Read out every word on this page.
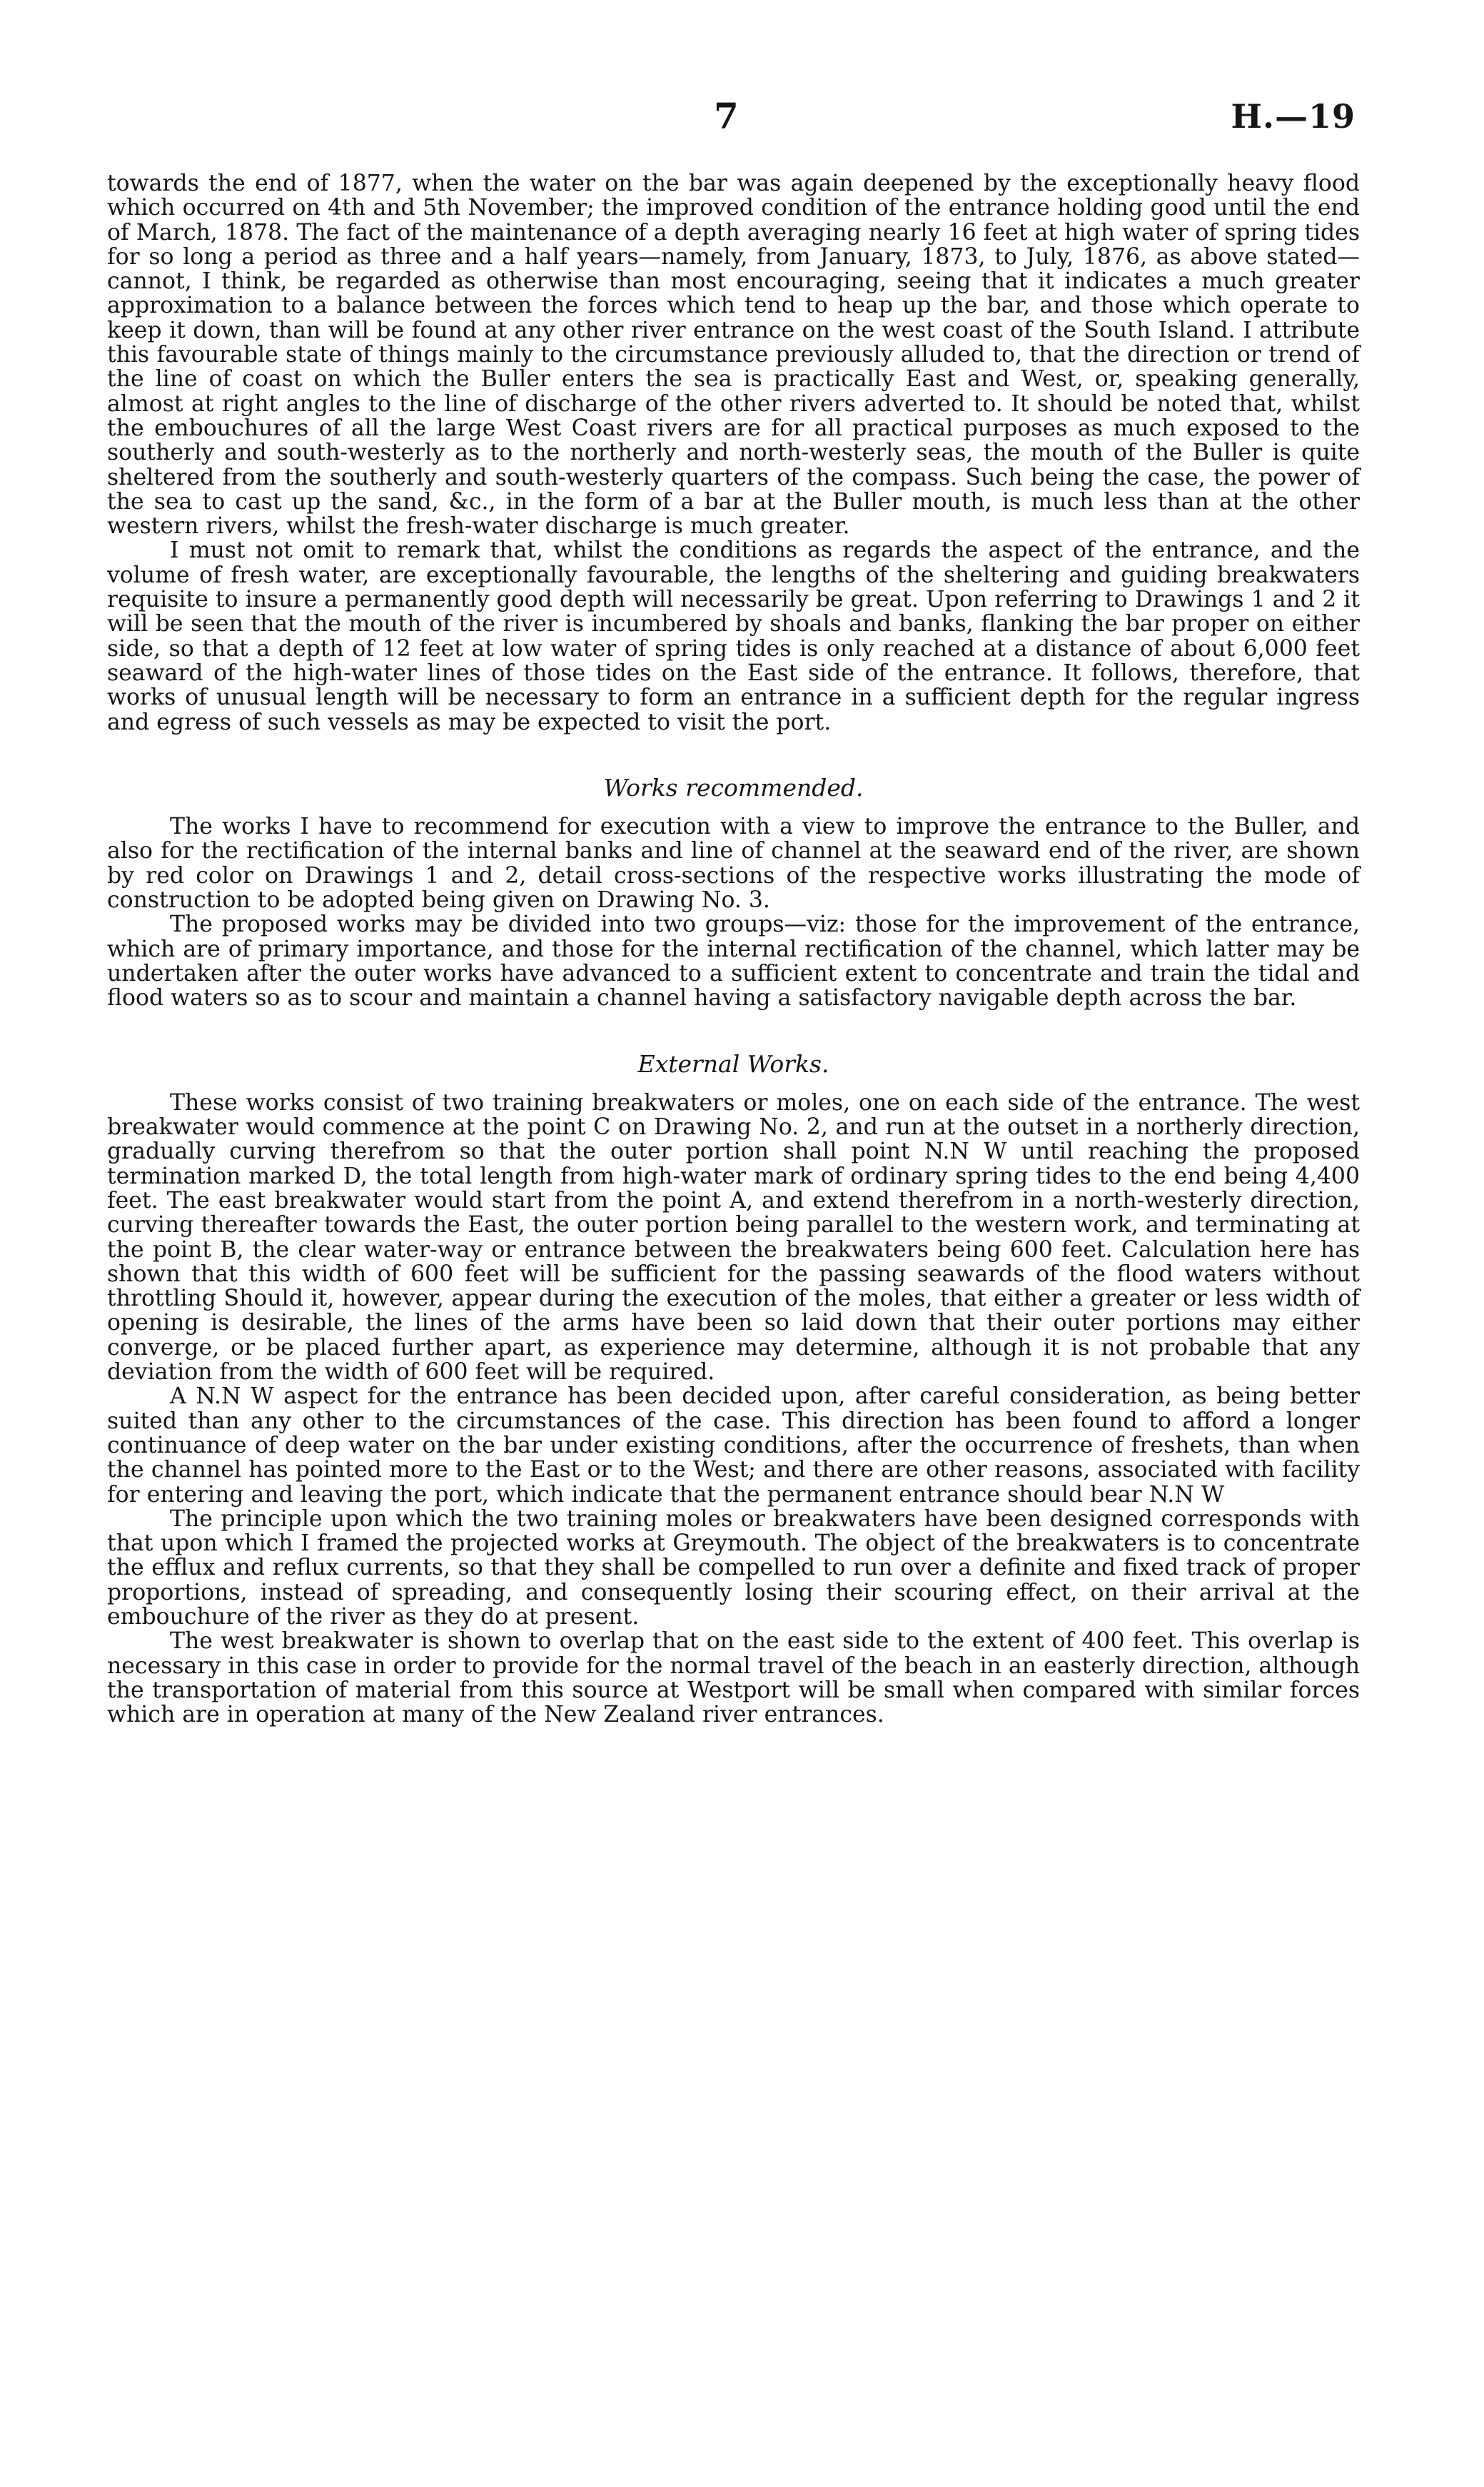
7	H.—19

towards the end of 1877, when the water on the bar was again deepened by the exceptionally heavy flood which occurred on 4th and 5th November; the improved condition of the entrance holding good until the end of March, 1878. The fact of the maintenance of a depth averaging nearly 16 feet at high water of spring tides for so long a period as three and a half years—namely, from January, 1873, to July, 1876, as above stated—cannot, I think, be regarded as otherwise than most encouraging, seeing that it indicates a much greater approximation to a balance between the forces which tend to heap up the bar, and those which operate to keep it down, than will be found at any other river entrance on the west coast of the South Island. I attribute this favourable state of things mainly to the circumstance previously alluded to, that the direction or trend of the line of coast on which the Buller enters the sea is practically East and West, or, speaking generally, almost at right angles to the line of discharge of the other rivers adverted to. It should be noted that, whilst the embouchures of all the large West Coast rivers are for all practical purposes as much exposed to the southerly and south-westerly as to the northerly and north-westerly seas, the mouth of the Buller is quite sheltered from the southerly and south-westerly quarters of the compass. Such being the case, the power of the sea to cast up the sand, &c., in the form of a bar at the Buller mouth, is much less than at the other western rivers, whilst the fresh-water discharge is much greater.

I must not omit to remark that, whilst the conditions as regards the aspect of the entrance, and the volume of fresh water, are exceptionally favourable, the lengths of the sheltering and guiding breakwaters requisite to insure a permanently good depth will necessarily be great. Upon referring to Drawings 1 and 2 it will be seen that the mouth of the river is incumbered by shoals and banks, flanking the bar proper on either side, so that a depth of 12 feet at low water of spring tides is only reached at a distance of about 6,000 feet seaward of the high-water lines of those tides on the East side of the entrance. It follows, therefore, that works of unusual length will be necessary to form an entrance in a sufficient depth for the regular ingress and egress of such vessels as may be expected to visit the port.

Works recommended.

The works I have to recommend for execution with a view to improve the entrance to the Buller, and also for the rectification of the internal banks and line of channel at the seaward end of the river, are shown by red color on Drawings 1 and 2, detail cross-sections of the respective works illustrating the mode of construction to be adopted being given on Drawing No. 3.

The proposed works may be divided into two groups—viz: those for the improvement of the entrance, which are of primary importance, and those for the internal rectification of the channel, which latter may be undertaken after the outer works have advanced to a sufficient extent to concentrate and train the tidal and flood waters so as to scour and maintain a channel having a satisfactory navigable depth across the bar.

External Works.

These works consist of two training breakwaters or moles, one on each side of the entrance. The west breakwater would commence at the point C on Drawing No. 2, and run at the outset in a northerly direction, gradually curving therefrom so that the outer portion shall point N.N W until reaching the proposed termination marked D, the total length from high-water mark of ordinary spring tides to the end being 4,400 feet. The east breakwater would start from the point A, and extend therefrom in a north-westerly direction, curving thereafter towards the East, the outer portion being parallel to the western work, and terminating at the point B, the clear water-way or entrance between the breakwaters being 600 feet. Calculation here has shown that this width of 600 feet will be sufficient for the passing seawards of the flood waters without throttling Should it, however, appear during the execution of the moles, that either a greater or less width of opening is desirable, the lines of the arms have been so laid down that their outer portions may either converge, or be placed further apart, as experience may determine, although it is not probable that any deviation from the width of 600 feet will be required.

A N.N W aspect for the entrance has been decided upon, after careful consideration, as being better suited than any other to the circumstances of the case. This direction has been found to afford a longer continuance of deep water on the bar under existing conditions, after the occurrence of freshets, than when the channel has pointed more to the East or to the West; and there are other reasons, associated with facility for entering and leaving the port, which indicate that the permanent entrance should bear N.N W

The principle upon which the two training moles or breakwaters have been designed corresponds with that upon which I framed the projected works at Greymouth. The object of the breakwaters is to concentrate the efflux and reflux currents, so that they shall be compelled to run over a definite and fixed track of proper proportions, instead of spreading, and consequently losing their scouring effect, on their arrival at the embouchure of the river as they do at present.

The west breakwater is shown to overlap that on the east side to the extent of 400 feet. This overlap is necessary in this case in order to provide for the normal travel of the beach in an easterly direction, although the transportation of material from this source at Westport will be small when compared with similar forces which are in operation at many of the New Zealand river entrances.
